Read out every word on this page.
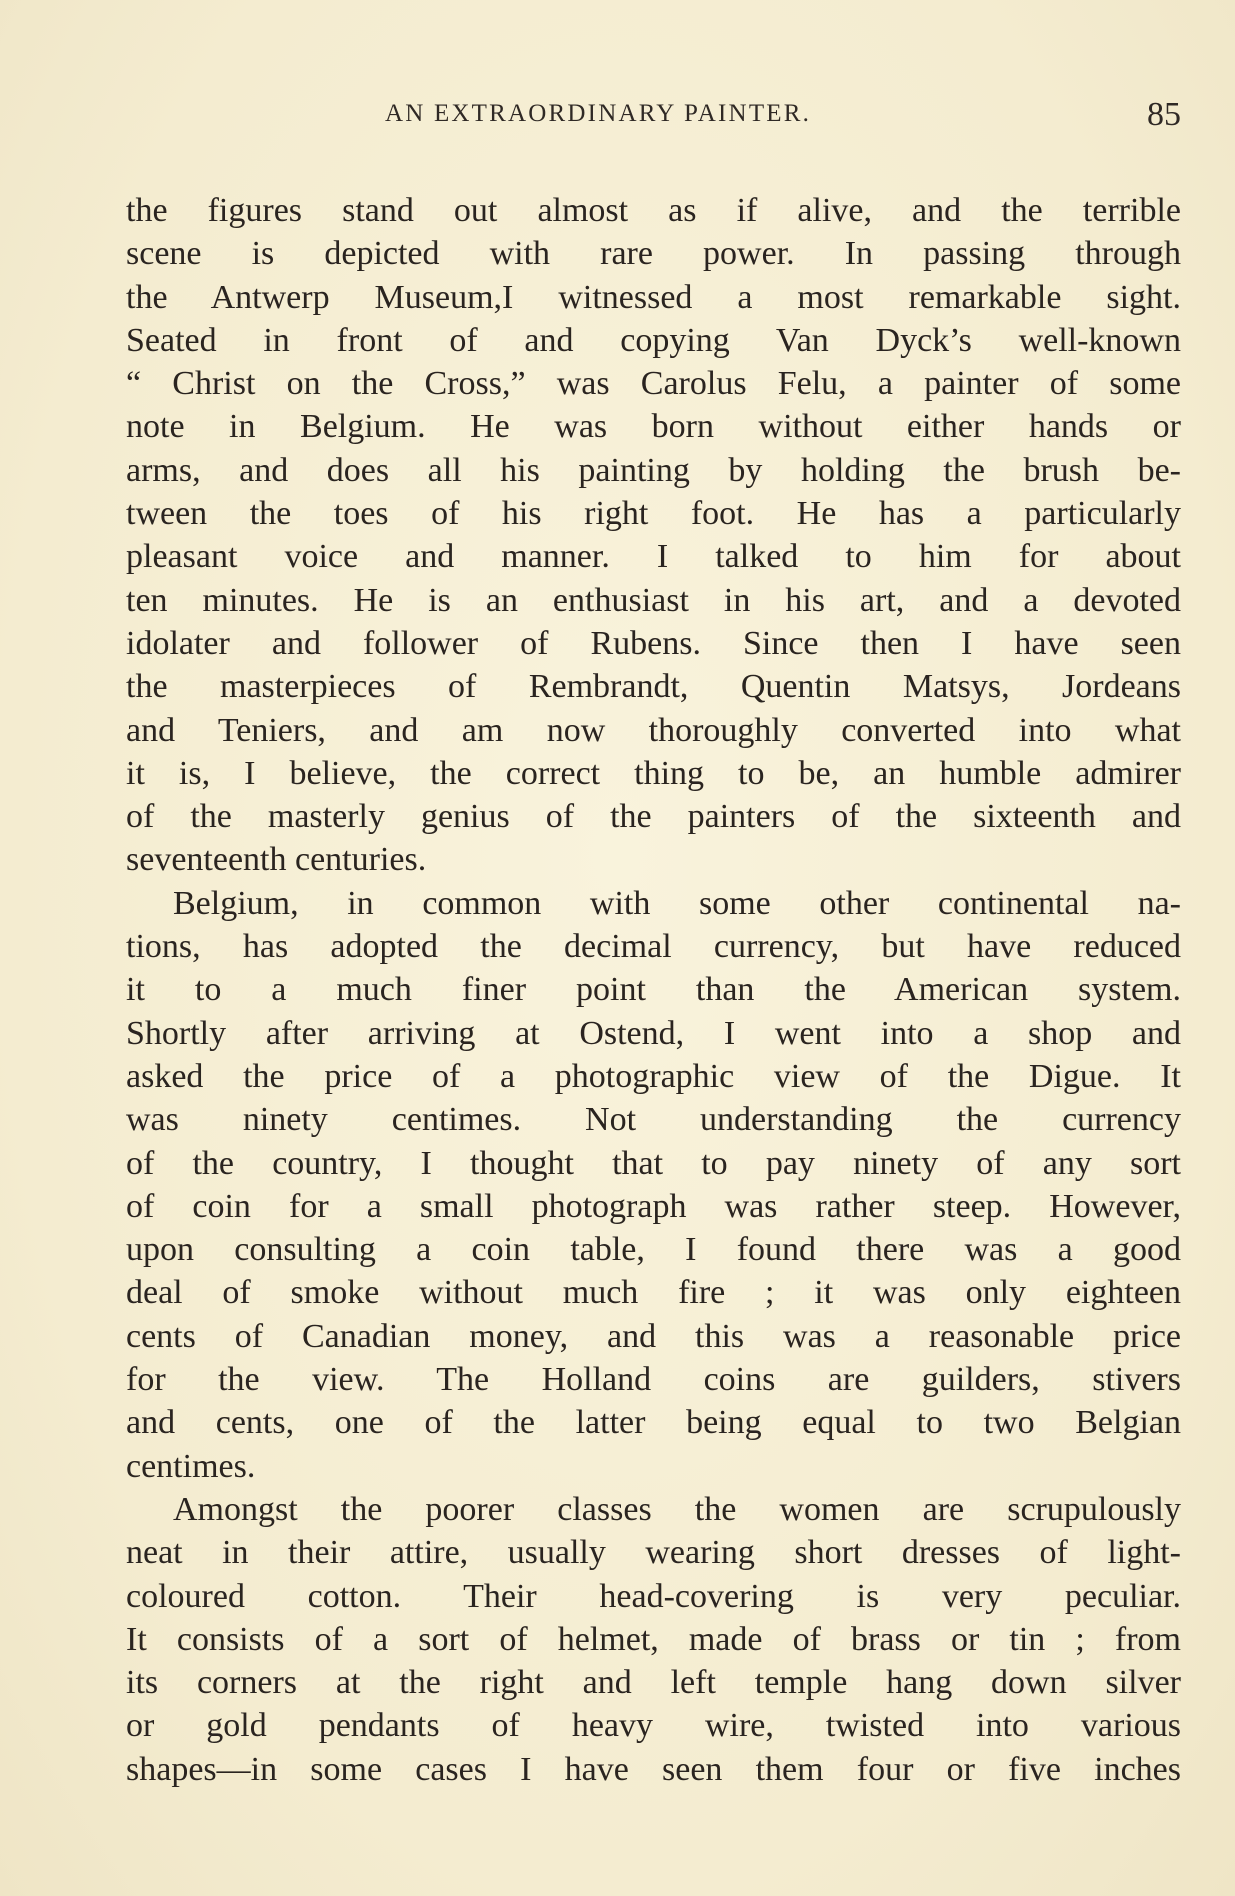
AN EXTRAORDINARY PAINTER.	85
the figures stand out almost as if alive, and the terrible
scene is depicted with rare power. In passing through
the Antwerp Museum,I witnessed a most remarkable sight.
Seated in front of and copying Van Dyck’s well-known
“ Christ on the Cross,” was Carolus Felu, a painter of some
note in Belgium. He was born without either hands or
arms, and does all his painting by holding the brush be-
tween the toes of his right foot. He has a particularly
pleasant voice and manner. I talked to him for about
ten minutes. He is an enthusiast in his art, and a devoted
idolater and follower of Rubens. Since then I have seen
the masterpieces of Rembrandt, Quentin Matsys, Jordeans
and Teniers, and am now thoroughly converted into what
it is, I believe, the correct thing to be, an humble admirer
of the masterly genius of the painters of the sixteenth and
seventeenth centuries.
Belgium, in common with some other continental na-
tions, has adopted the decimal currency, but have reduced
it to a much finer point than the American system.
Shortly after arriving at Ostend, I went into a shop and
asked the price of a photographic view of the Digue. It
was ninety centimes. Not understanding the currency
of the country, I thought that to pay ninety of any sort
of coin for a small photograph was rather steep. However,
upon consulting a coin table, I found there was a good
deal of smoke without much fire ; it was only eighteen
cents of Canadian money, and this was a reasonable price
for the view. The Holland coins are guilders, stivers
and cents, one of the latter being equal to two Belgian
centimes.
Amongst the poorer classes the women are scrupulously
neat in their attire, usually wearing short dresses of light-
coloured cotton. Their head-covering is very peculiar.
It consists of a sort of helmet, made of brass or tin ; from
its corners at the right and left temple hang down silver
or gold pendants of heavy wire, twisted into various
shapes—in some cases I have seen them four or five inches
